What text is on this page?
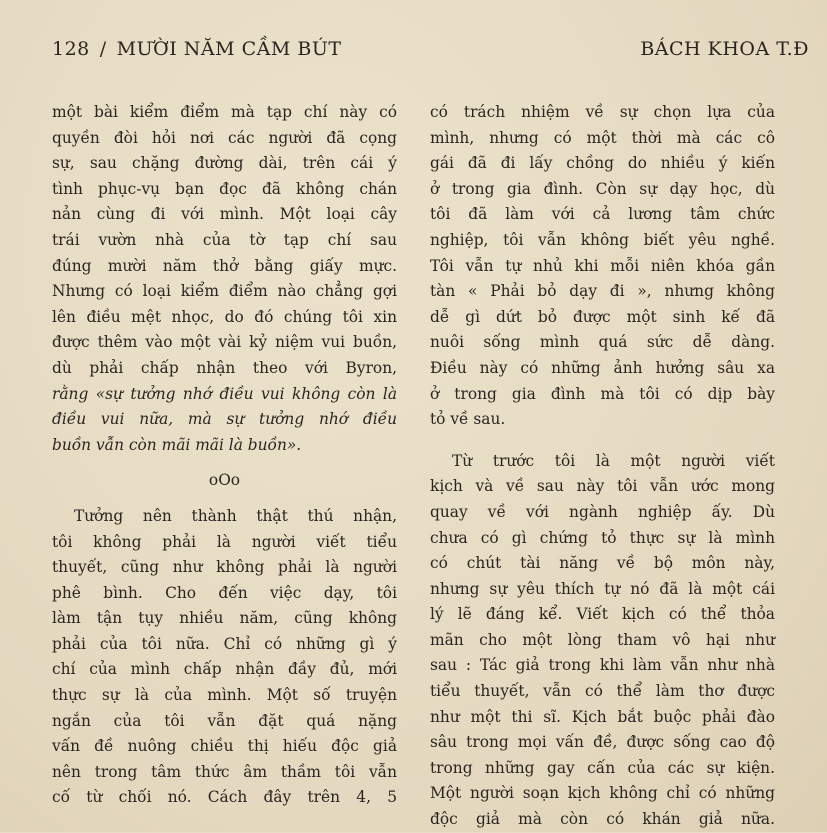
128 / MƯỜI NĂM CẦM BÚT	BÁCH KHOA T.Đ
một bài kiểm điểm mà tạp chí này có
quyền đòi hỏi nơi các người đã cọng
sự, sau chặng đường dài, trên cái ý
tình phục-vụ bạn đọc đã không chán
nản cùng đi với mình. Một loại cây
trái vườn nhà của tờ tạp chí sau
đúng mười năm thở bằng giấy mực.
Nhưng có loại kiểm điểm nào chẳng gợi
lên điều mệt nhọc, do đó chúng tôi xin
được thêm vào một vài kỷ niệm vui buồn,
dù phải chấp nhận theo với Byron,
rằng «sự tưởng nhớ điều vui không còn là
điều vui nữa, mà sự tưởng nhớ điều
buồn vẫn còn mãi mãi là buồn».
oOo
Tưởng nên thành thật thú nhận,
tôi không phải là người viết tiểu
thuyết, cũng như không phải là người
phê bình. Cho đến việc dạy, tôi
làm tận tụy nhiều năm, cũng không
phải của tôi nữa. Chỉ có những gì ý
chí của mình chấp nhận đầy đủ, mới
thực sự là của mình. Một số truyện
ngắn của tôi vẫn đặt quá nặng
vấn đề nuông chiều thị hiếu độc giả
nên trong tâm thức âm thầm tôi vẫn
cố từ chối nó. Cách đây trên 4, 5
có trách nhiệm về sự chọn lựa của
mình, nhưng có một thời mà các cô
gái đã đi lấy chồng do nhiều ý kiến
ở trong gia đình. Còn sự dạy học, dù
tôi đã làm với cả lương tâm chức
nghiệp, tôi vẫn không biết yêu nghề.
Tôi vẫn tự nhủ khi mỗi niên khóa gần
tàn « Phải bỏ dạy đi », nhưng không
dễ gì dứt bỏ được một sinh kế đã
nuôi sống mình quá sức dễ dàng.
Điều này có những ảnh hưởng sâu xa
ở trong gia đình mà tôi có dịp bày
tỏ về sau.
Từ trước tôi là một người viết
kịch và về sau này tôi vẫn ước mong
quay về với ngành nghiệp ấy. Dù
chưa có gì chứng tỏ thực sự là mình
có chút tài năng về bộ môn này,
nhưng sự yêu thích tự nó đã là một cái
lý lẽ đáng kể. Viết kịch có thể thỏa
mãn cho một lòng tham vô hại như
sau : Tác giả trong khi làm vẫn như nhà
tiểu thuyết, vẫn có thể làm thơ được
như một thi sĩ. Kịch bắt buộc phải đào
sâu trong mọi vấn đề, được sống cao độ
trong những gay cấn của các sự kiện.
Một người soạn kịch không chỉ có những
độc giả mà còn có khán giả nữa.
